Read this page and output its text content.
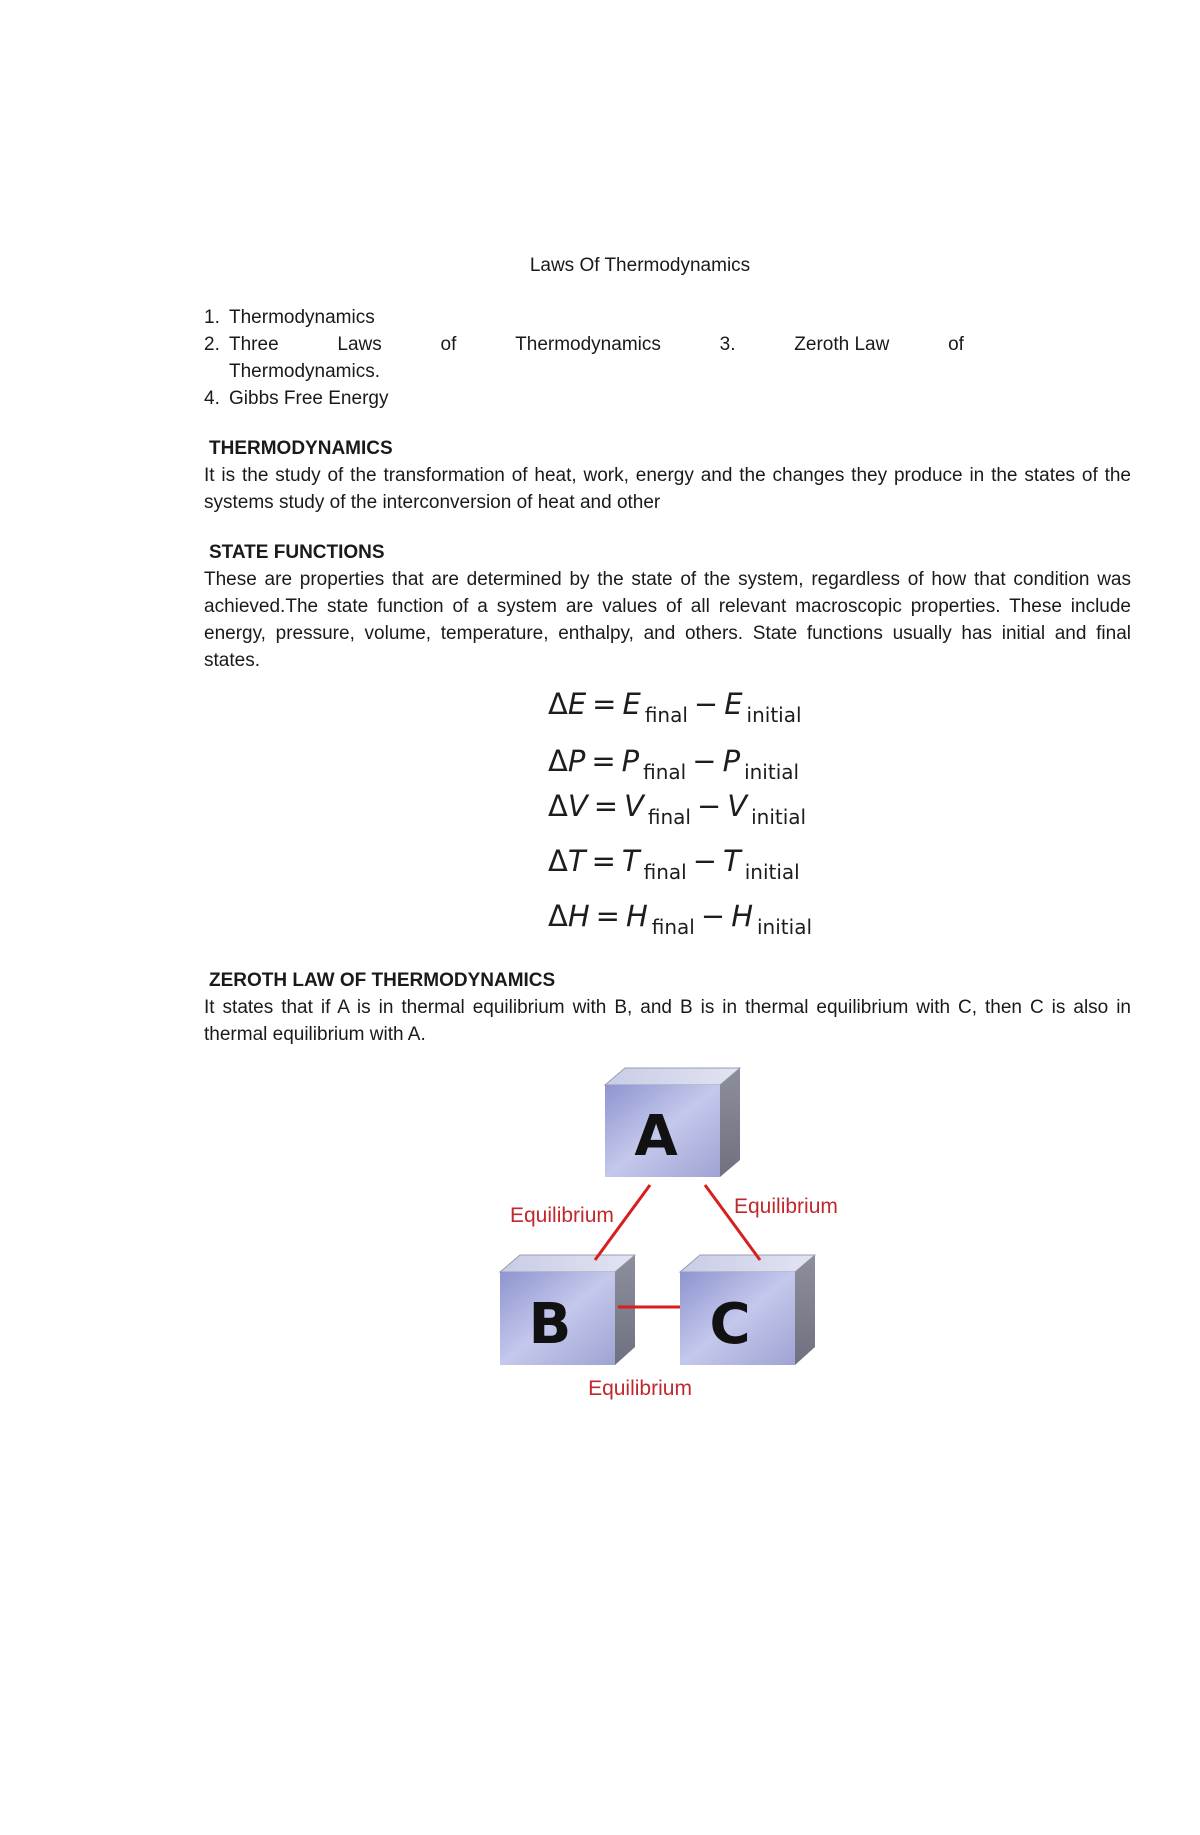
Laws Of Thermodynamics
1. Thermodynamics
2. Three	Laws	of	Thermodynamics	3.	Zeroth Law	of
Thermodynamics.
4. Gibbs Free Energy
THERMODYNAMICS
It is the study of the transformation of heat, work, energy and the changes they produce in the states of the systems study of the interconversion of heat and other
STATE FUNCTIONS
These are properties that are determined by the state of the system, regardless of how that condition was achieved.The state function of a system are values of all relevant macroscopic properties. These include energy, pressure, volume, temperature, enthalpy, and others. State functions usually has initial and final states.
ΔE = E $_{final}$ − E $_{initial}$
ΔP = P $_{final}$ − P $_{initial}$
ΔV = V $_{final}$ − V $_{initial}$
ΔT = T $_{final}$ − T $_{initial}$
ΔH = H $_{final}$ − H $_{initial}$
ZEROTH LAW OF THERMODYNAMICS
It states that if A is in thermal equilibrium with B, and B is in thermal equilibrium with C, then C is also in thermal equilibrium with A.
A
B C
Equilibrium	Equilibrium
Equilibrium
